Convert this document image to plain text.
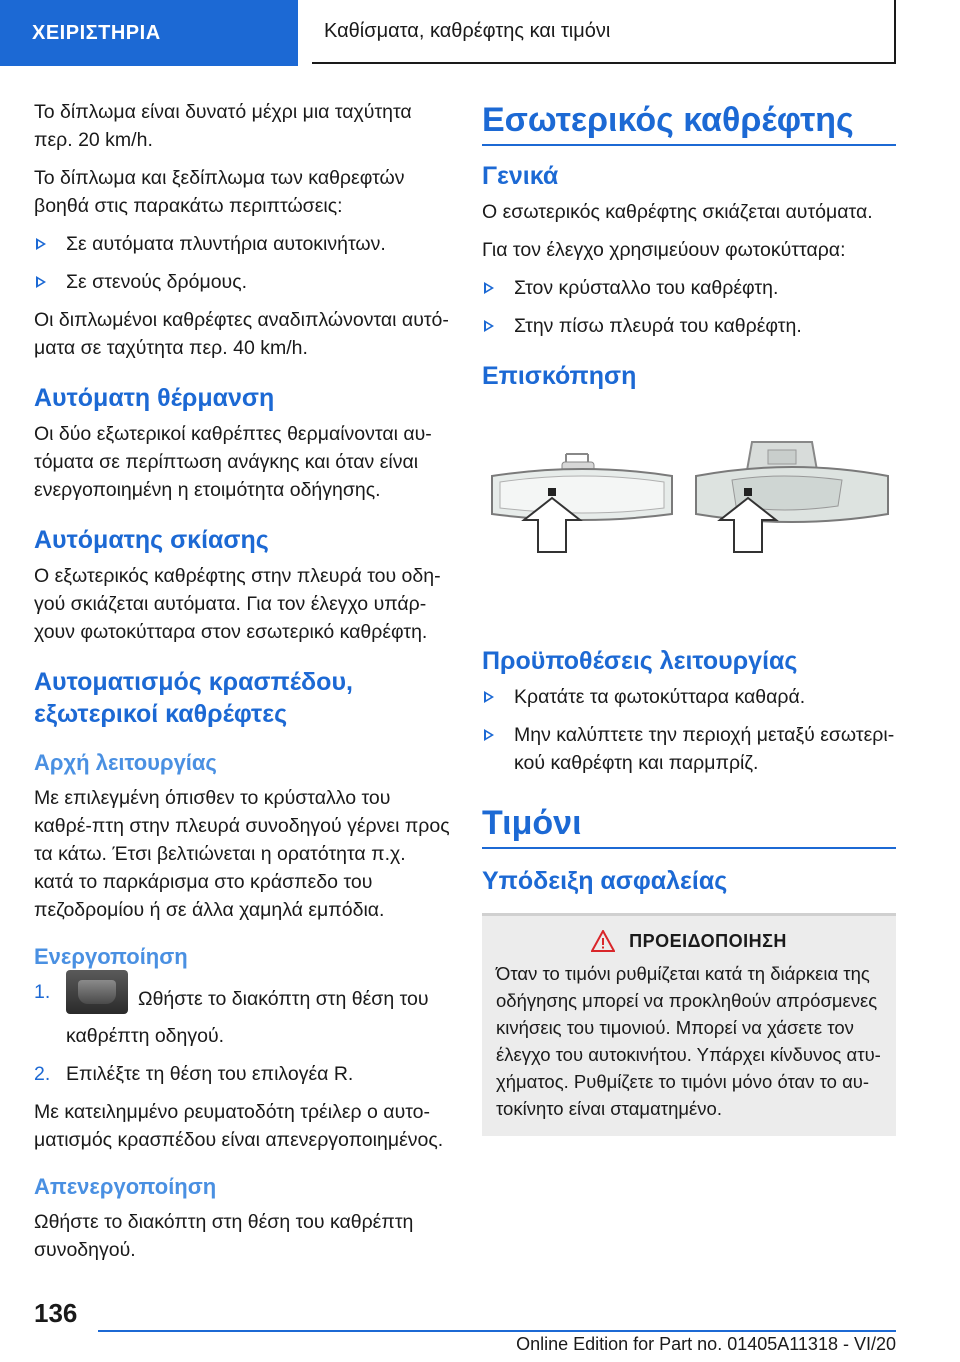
ΧΕΙΡΙΣΤΗΡΙΑ	Καθίσματα, καθρέφτης και τιμόνι

Το δίπλωμα είναι δυνατό μέχρι μια ταχύτητα περ. 20 km/h.

Το δίπλωμα και ξεδίπλωμα των καθρεφτών βοηθά στις παρακάτω περιπτώσεις:

Σε αυτόματα πλυντήρια αυτοκινήτων.
Σε στενούς δρόμους.

Οι διπλωμένοι καθρέφτες αναδιπλώνονται αυτό-ματα σε ταχύτητα περ. 40 km/h.

Αυτόματη θέρμανση

Οι δύο εξωτερικοί καθρέπτες θερμαίνονται αυ-τόματα σε περίπτωση ανάγκης και όταν είναι ενεργοποιημένη η ετοιμότητα οδήγησης.

Αυτόματης σκίασης

Ο εξωτερικός καθρέφτης στην πλευρά του οδη-γού σκιάζεται αυτόματα. Για τον έλεγχο υπάρ-χουν φωτοκύτταρα στον εσωτερικό καθρέφτη.

Αυτοματισμός κρασπέδου, εξωτερικοί καθρέφτες
Αρχή λειτουργίας

Με επιλεγμένη όπισθεν το κρύσταλλο του καθρέ-πτη στην πλευρά συνοδηγού γέρνει προς τα κάτω. Έτσι βελτιώνεται η ορατότητα π.χ. κατά το παρκάρισμα στο κράσπεδο του πεζοδρομίου ή σε άλλα χαμηλά εμπόδια.

Ενεργοποίηση
1.	Ωθήστε το διακόπτη στη θέση του καθρέπτη οδηγού.
2. Επιλέξτε τη θέση του επιλογέα R.

Με κατειλημμένο ρευματοδότη τρέιλερ ο αυτο-ματισμός κρασπέδου είναι απενεργοποιημένος.

Απενεργοποίηση

Ωθήστε το διακόπτη στη θέση του καθρέπτη συνοδηγού.

Εσωτερικός καθρέφτης
Γενικά

Ο εσωτερικός καθρέφτης σκιάζεται αυτόματα.

Για τον έλεγχο χρησιμεύουν φωτοκύτταρα:

Στον κρύσταλλο του καθρέφτη.
Στην πίσω πλευρά του καθρέφτη.
Επισκόπηση
Προϋποθέσεις λειτουργίας
Κρατάτε τα φωτοκύτταρα καθαρά.
Μην καλύπτετε την περιοχή μεταξύ εσωτερι-κού καθρέφτη και παρμπρίζ.
Τιμόνι
Υπόδειξη ασφαλείας
ΠΡΟΕΙΔΟΠΟΙΗΣΗ

Όταν το τιμόνι ρυθμίζεται κατά τη διάρκεια της οδήγησης μπορεί να προκληθούν απρόσμενες κινήσεις του τιμονιού. Μπορεί να χάσετε τον έλεγχο του αυτοκινήτου. Υπάρχει κίνδυνος ατυ-χήματος. Ρυθμίζετε το τιμόνι μόνο όταν το αυ-τοκίνητο είναι σταματημένο.

136
Online Edition for Part no. 01405A11318 - VI/20
